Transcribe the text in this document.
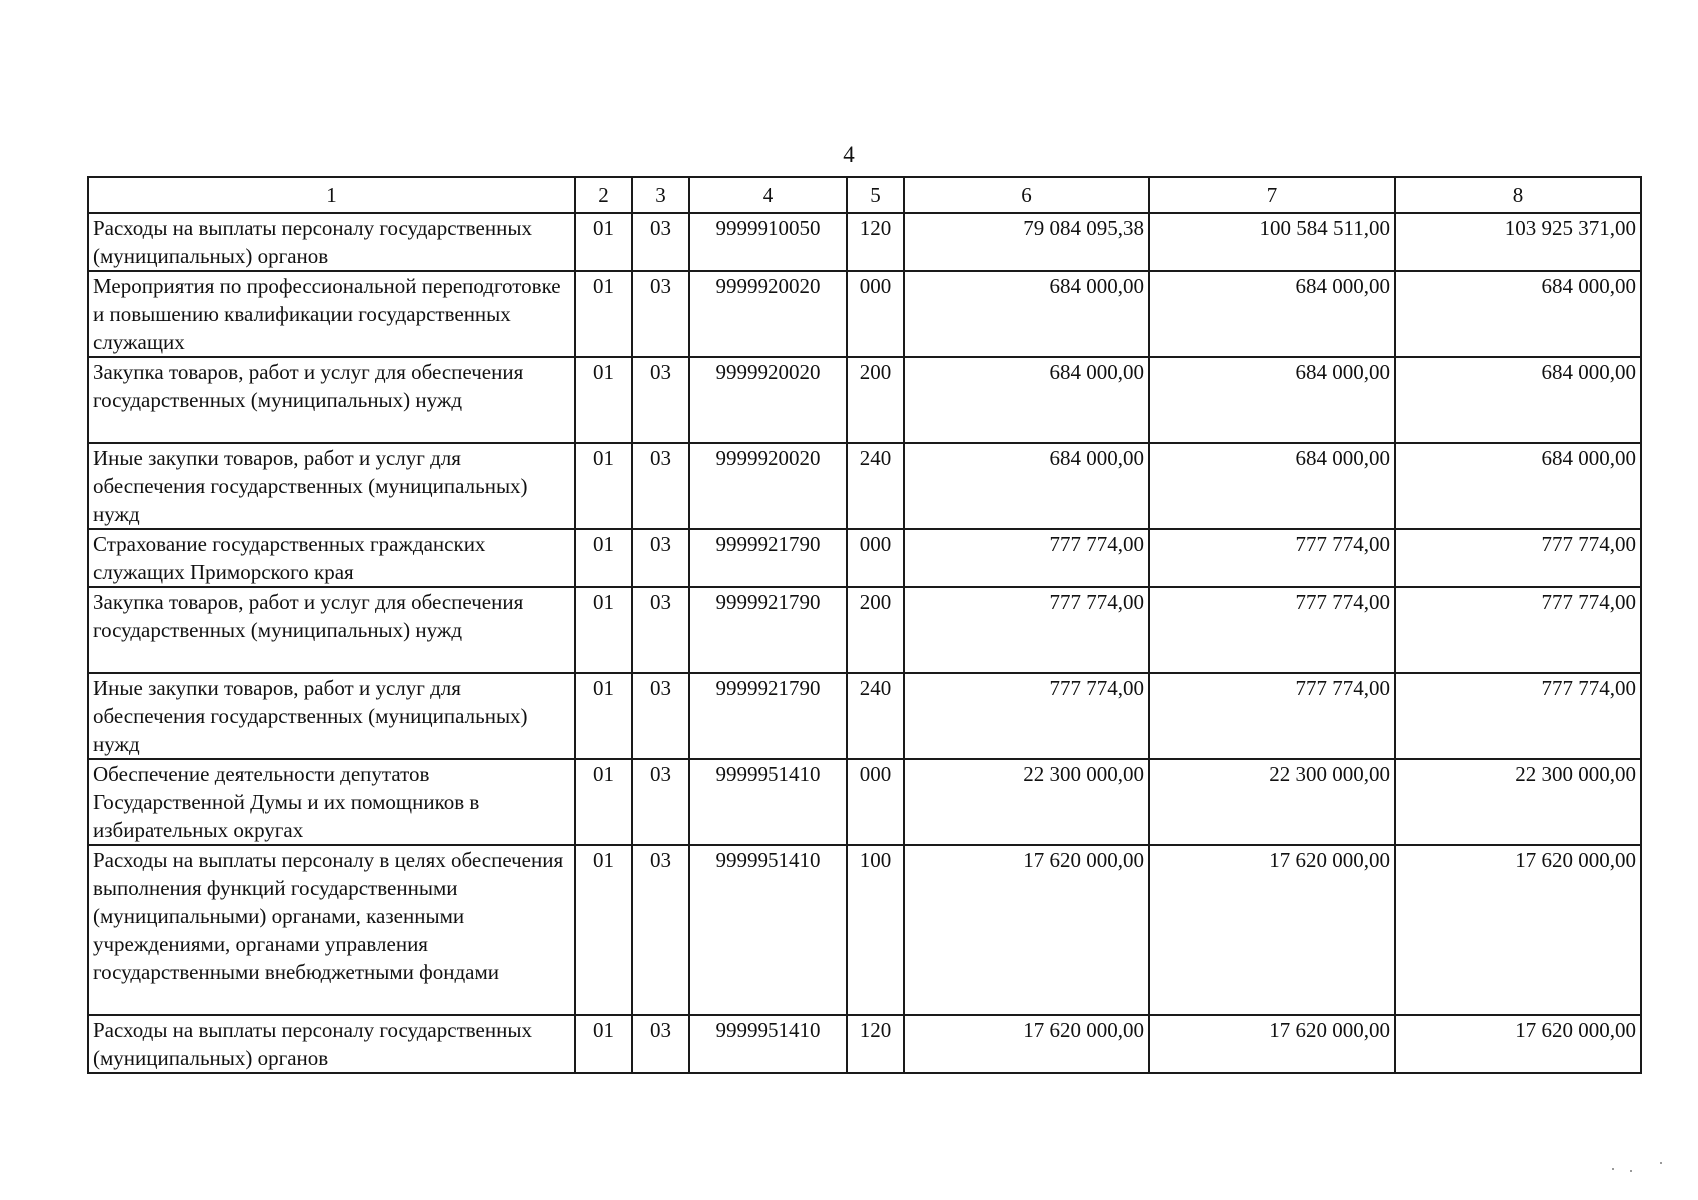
4
1	2	3	4	5	6	7	8
Расходы на выплаты персоналу государственных (муниципальных) органов	01	03	9999910050	120	79 084 095,38	100 584 511,00	103 925 371,00
Мероприятия по профессиональной переподготовке и повышению квалификации государственных служащих	01	03	9999920020	000	684 000,00	684 000,00	684 000,00
Закупка товаров, работ и услуг для обеспечения государственных (муниципальных) нужд	01	03	9999920020	200	684 000,00	684 000,00	684 000,00
Иные закупки товаров, работ и услуг для обеспечения государственных (муниципальных) нужд	01	03	9999920020	240	684 000,00	684 000,00	684 000,00
Страхование государственных гражданских служащих Приморского края	01	03	9999921790	000	777 774,00	777 774,00	777 774,00
Закупка товаров, работ и услуг для обеспечения государственных (муниципальных) нужд	01	03	9999921790	200	777 774,00	777 774,00	777 774,00
Иные закупки товаров, работ и услуг для обеспечения государственных (муниципальных) нужд	01	03	9999921790	240	777 774,00	777 774,00	777 774,00
Обеспечение деятельности депутатов Государственной Думы и их помощников в избирательных округах	01	03	9999951410	000	22 300 000,00	22 300 000,00	22 300 000,00
Расходы на выплаты персоналу в целях обеспечения выполнения функций государственными (муниципальными) органами, казенными учреждениями, органами управления государственными внебюджетными фондами	01	03	9999951410	100	17 620 000,00	17 620 000,00	17 620 000,00
Расходы на выплаты персоналу государственных (муниципальных) органов	01	03	9999951410	120	17 620 000,00	17 620 000,00	17 620 000,00
